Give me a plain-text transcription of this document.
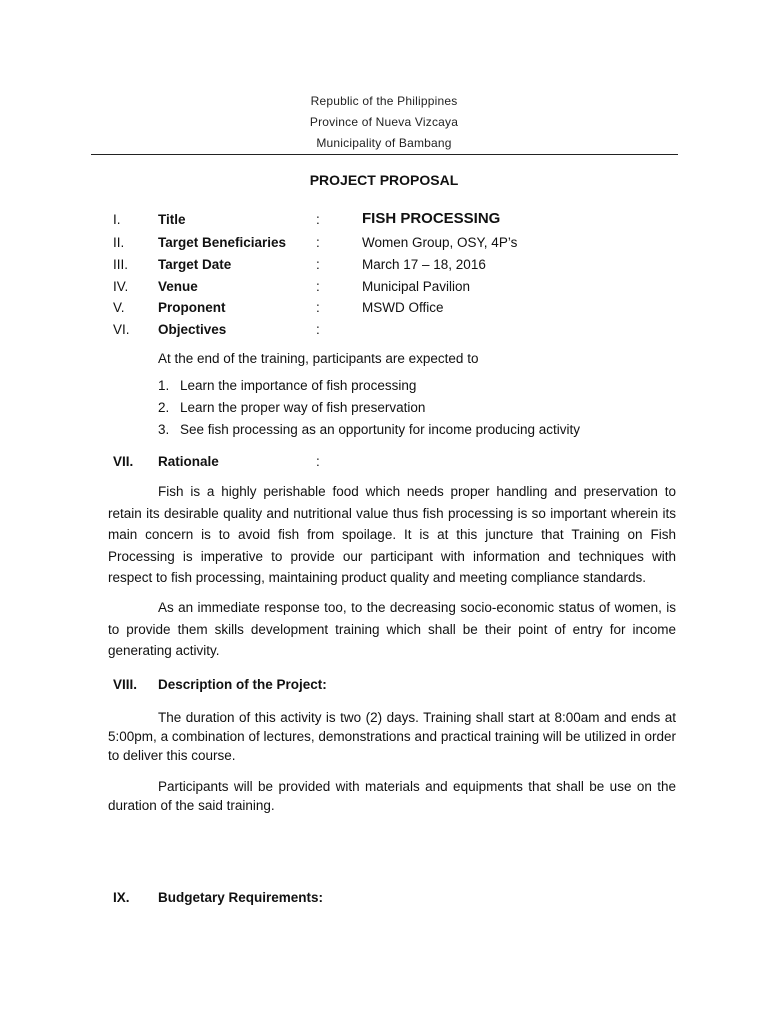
Republic of the Philippines
Province of Nueva Vizcaya
Municipality of Bambang
PROJECT PROPOSAL
I.	Title	:	FISH PROCESSING
II. Target Beneficiaries :	Women Group, OSY, 4P’s
III. Target Date	:	March 17 – 18, 2016
IV. Venue	:	Municipal Pavilion
V. Proponent	:	MSWD Office
VI. Objectives	:
At the end of the training, participants are expected to
1. Learn the importance of fish processing
2. Learn the proper way of fish preservation
3. See fish processing as an opportunity for income producing activity
VII. Rationale	:
Fish is a highly perishable food which needs proper handling and preservation to retain its desirable quality and nutritional value thus fish processing is so important wherein its main concern is to avoid fish from spoilage. It is at this juncture that Training on Fish Processing is imperative to provide our participant with information and techniques with respect to fish processing, maintaining product quality and meeting compliance standards.
As an immediate response too, to the decreasing socio-economic status of women, is to provide them skills development training which shall be their point of entry for income generating activity.
VIII. Description of the Project:
The duration of this activity is two (2) days. Training shall start at 8:00am and ends at 5:00pm, a combination of lectures, demonstrations and practical training will be utilized in order to deliver this course.
Participants will be provided with materials and equipments that shall be use on the duration of the said training.
IX. Budgetary Requirements:
